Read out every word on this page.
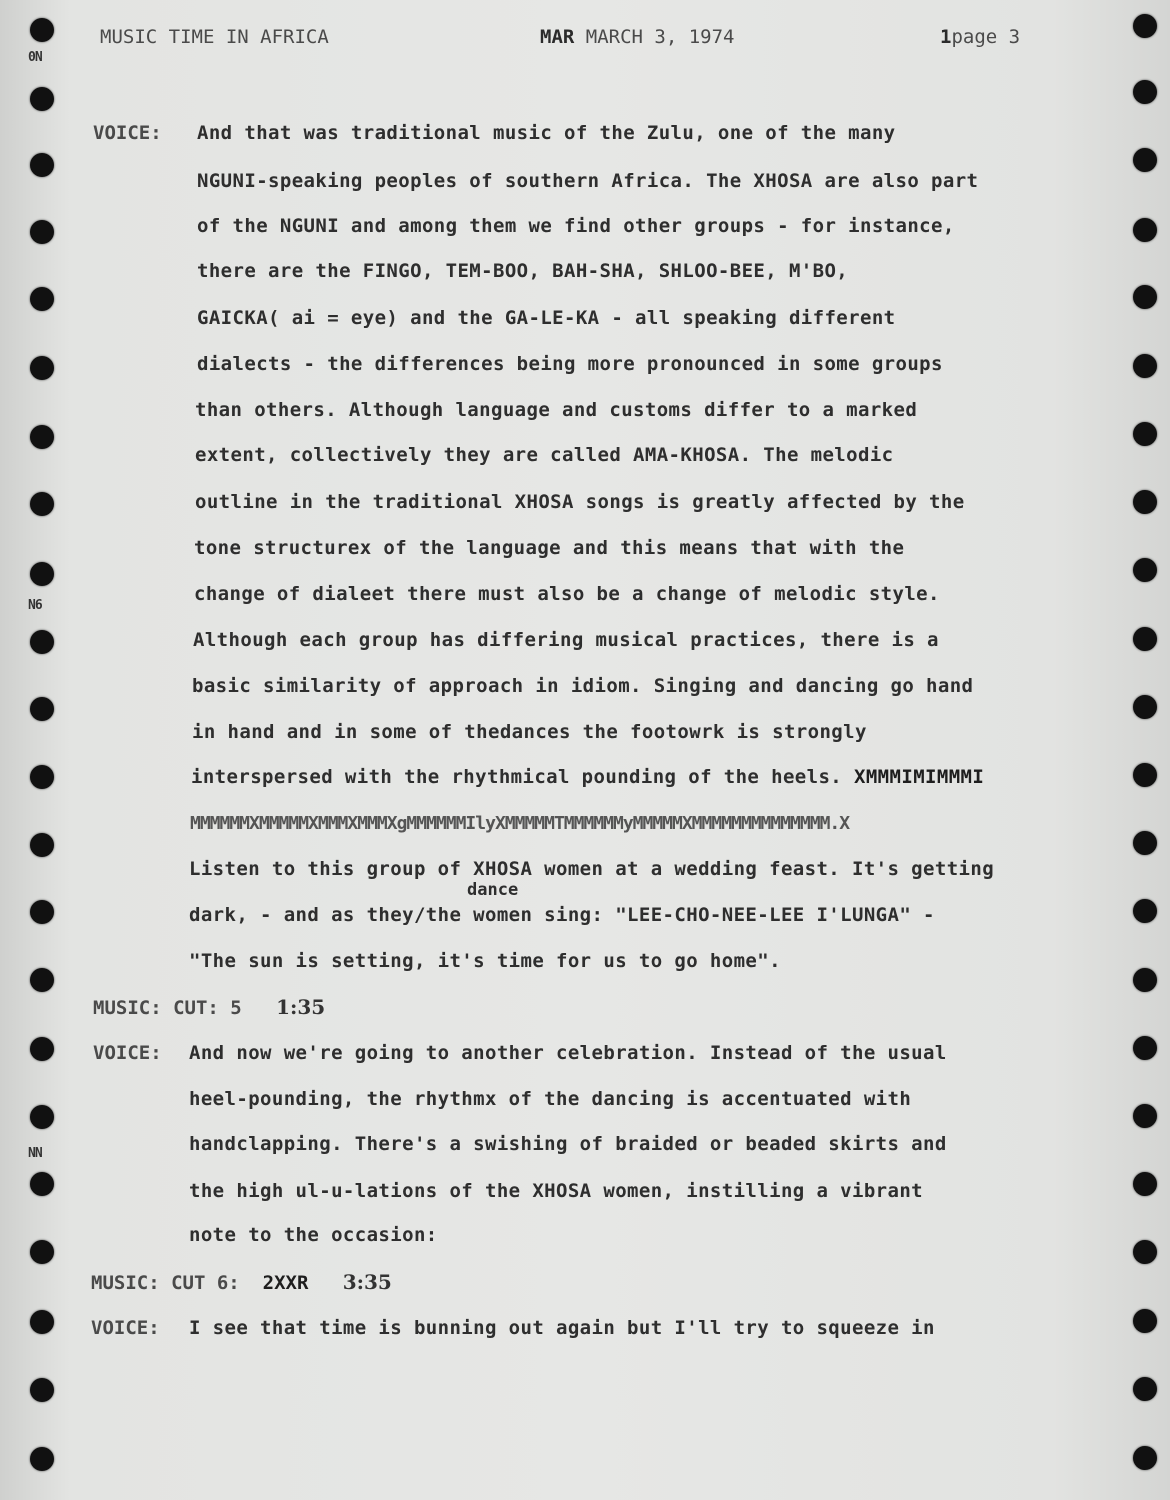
0N
N6
NN
MUSIC TIME IN AFRICA	MAR MARCH 3, 1974	1page 3
VOICE: And that was traditional music of the Zulu, one of the many
NGUNI-speaking peoples of southern Africa. The XHOSA are also part
of the NGUNI and among them we find other groups - for instance,
there are the FINGO, TEM-BOO, BAH-SHA, SHLOO-BEE, M'BO,
GAICKA( ai = eye) and the GA-LE-KA - all speaking different
dialects - the differences being more pronounced in some groups
than others. Although language and customs differ to a marked
extent, collectively they are called AMA-KHOSA. The melodic
outline in the traditional XHOSA songs is greatly affected by the
tone structurex of the language and this means that with the
change of dialeet there must also be a change of melodic style.
Although each group has differing musical practices, there is a
basic similarity of approach in idiom. Singing and dancing go hand
in hand and in some of thedances the footowrk is strongly
interspersed with the rhythmical pounding of the heels. XMMMIMIMMMI
MMMMMMXMMMMMXMMMXMMMXgMMMMMMIlyXMMMMMTMMMMMMyMMMMMXMMMMMMMMMMMMMM.X
Listen to this group of XHOSA women at a wedding feast. It's getting
dance
dark, - and as they/the women sing: "LEE-CHO-NEE-LEE I'LUNGA" -
"The sun is setting, it's time for us to go home".
MUSIC: CUT: 5 1:35
VOICE: And now we're going to another celebration. Instead of the usual
heel-pounding, the rhythmx of the dancing is accentuated with
handclapping. There's a swishing of braided or beaded skirts and
the high ul-u-lations of the XHOSA women, instilling a vibrant
note to the occasion:
MUSIC: CUT 6: 2XXR 3:35
VOICE: I see that time is bunning out again but I'll try to squeeze in
